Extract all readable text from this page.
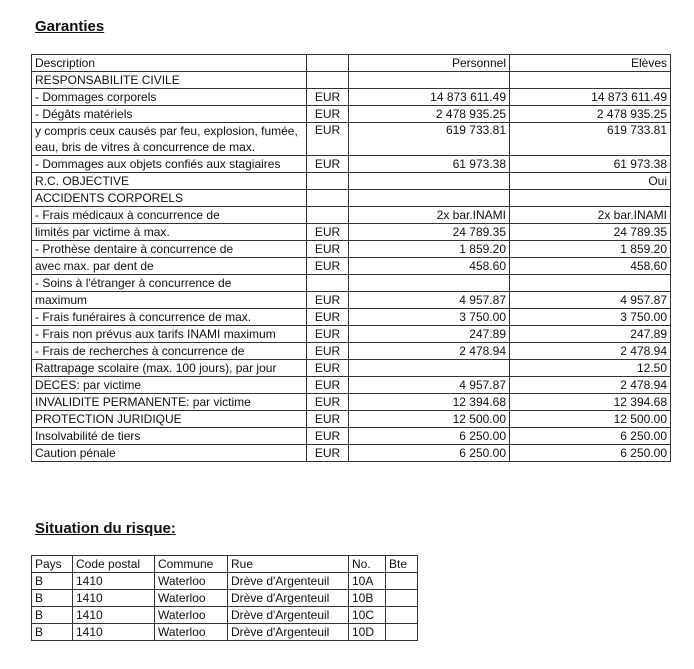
Garanties
Description		Personnel	Elèves
RESPONSABILITE CIVILE			
- Dommages corporels	EUR	14 873 611.49	14 873 611.49
- Dégâts matériels	EUR	2 478 935.25	2 478 935.25
y compris ceux causés par feu, explosion, fumée, eau, bris de vitres à concurrence de max.	EUR	619 733.81	619 733.81
- Dommages aux objets confiés aux stagiaires	EUR	61 973.38	61 973.38
R.C. OBJECTIVE			Oui
ACCIDENTS CORPORELS			
- Frais médicaux à concurrence de		2x bar.INAMI	2x bar.INAMI
limités par victime à max.	EUR	24 789.35	24 789.35
- Prothèse dentaire à concurrence de	EUR	1 859.20	1 859.20
avec max. par dent de	EUR	458.60	458.60
- Soins à l'étranger à concurrence de			
maximum	EUR	4 957.87	4 957.87
- Frais funéraires à concurrence de max.	EUR	3 750.00	3 750.00
- Frais non prévus aux tarifs INAMI maximum	EUR	247.89	247.89
- Frais de recherches à concurrence de	EUR	2 478.94	2 478.94
Rattrapage scolaire (max. 100 jours), par jour	EUR		12.50
DECES: par victime	EUR	4 957.87	2 478.94
INVALIDITE PERMANENTE: par victime	EUR	12 394.68	12 394.68
PROTECTION JURIDIQUE	EUR	12 500.00	12 500.00
Insolvabilité de tiers	EUR	6 250.00	6 250.00
Caution pénale	EUR	6 250.00	6 250.00
Situation du risque:
Pays	Code postal	Commune	Rue	No.	Bte
B	1410	Waterloo	Drève d'Argenteuil	10A	
B	1410	Waterloo	Drève d'Argenteuil	10B	
B	1410	Waterloo	Drève d'Argenteuil	10C	
B	1410	Waterloo	Drève d'Argenteuil	10D	
